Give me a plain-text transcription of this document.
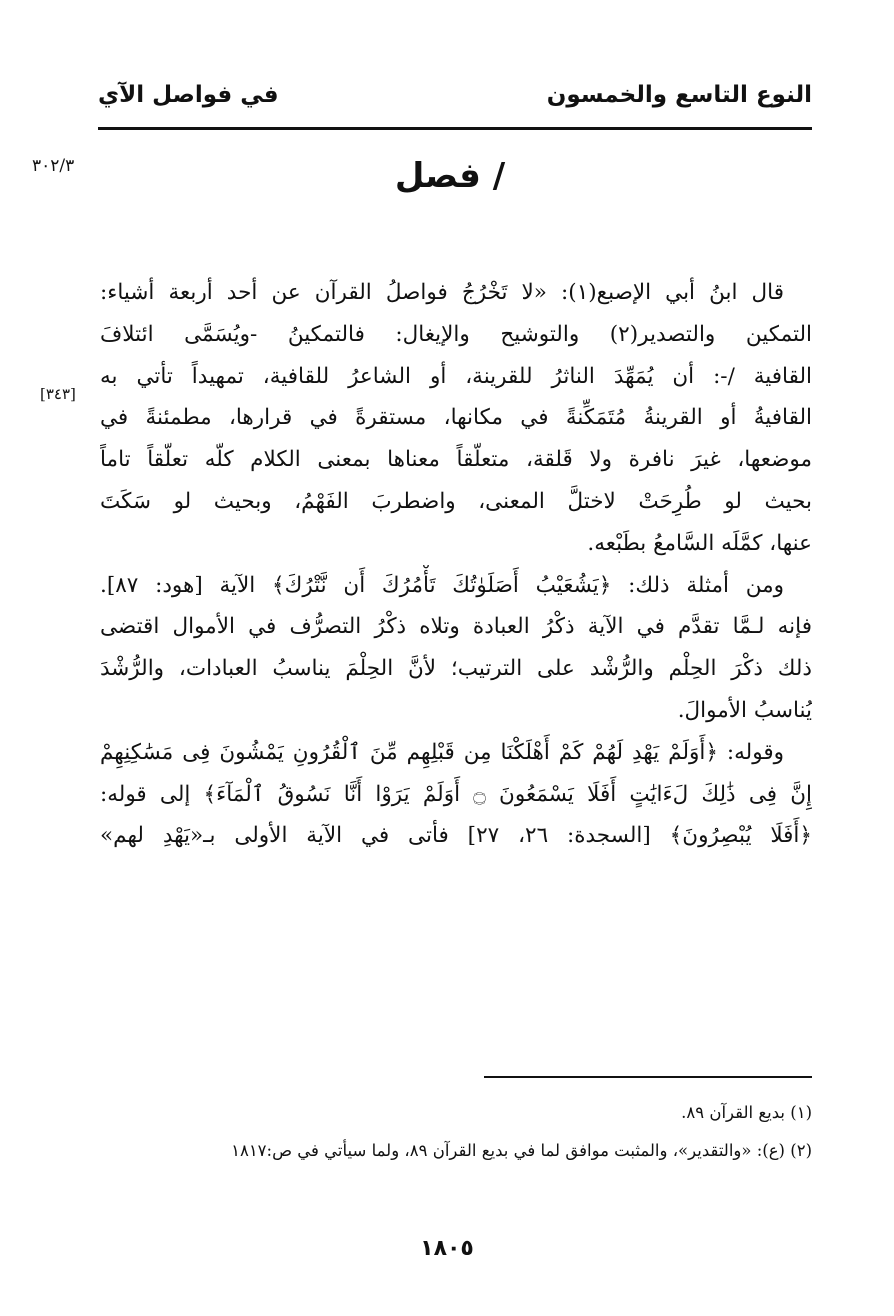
النوع التاسع والخمسون
في فواصل الآي
/ فصل
٣٠٢/٣
[٣٤٣]
قال ابنُ أبي الإصبع(١): «لا تَخْرُجُ فواصلُ القرآن عن أحد أربعة أشياء:
التمكين والتصدير(٢) والتوشيح والإيغال: فالتمكينُ -ويُسَمَّى ائتلافَ
القافية /-: أن يُمَهِّدَ الناثرُ للقرينة، أو الشاعرُ للقافية، تمهيداً تأتي به
القافيةُ أو القرينةُ مُتَمَكِّنةً في مكانها، مستقرةً في قرارها، مطمئنةً في
موضعها، غيرَ نافرة ولا قَلقة، متعلّقاً معناها بمعنى الكلام كلّه تعلّقاً تاماً
بحيث لو طُرِحَتْ لاختلَّ المعنى، واضطربَ الفَهْمُ، وبحيث لو سَكَتَ
عنها، كمَّلَه السَّامعُ بطَبْعه.
ومن أمثلة ذلك: ﴿يَشُعَيْبُ أَصَلَوٰتُكَ تَأْمُرُكَ أَن نَّتْرُكَ﴾ الآية [هود: ٨٧].
فإنه لـمَّا تقدَّم في الآية ذكْرُ العبادة وتلاه ذكْرُ التصرُّف في الأموال اقتضى
ذلك ذكْرَ الحِلْم والرُّشْد على الترتيب؛ لأنَّ الحِلْمَ يناسبُ العبادات، والرُّشْدَ
يُناسبُ الأموالَ.
وقوله: ﴿أَوَلَمْ يَهْدِ لَهُمْ كَمْ أَهْلَكْنَا مِن قَبْلِهِم مِّنَ ٱلْقُرُونِ يَمْشُونَ فِى مَسَٰكِنِهِمْ
إِنَّ فِى ذَٰلِكَ لَءَايَٰتٍ أَفَلَا يَسْمَعُونَ ۝ أَوَلَمْ يَرَوْا أَنَّا نَسُوقُ ٱلْمَآءَ﴾ إلى قوله:
﴿أَفَلَا يُبْصِرُونَ﴾ [السجدة: ٢٦، ٢٧] فأتى في الآية الأولى بـ«يَهْدِ لهم»
(١) بديع القرآن ٨٩.
(٢) (ع): «والتقدير»، والمثبت موافق لما في بديع القرآن ٨٩، ولما سيأتي في ص:١٨١٧
١٨٠٥
